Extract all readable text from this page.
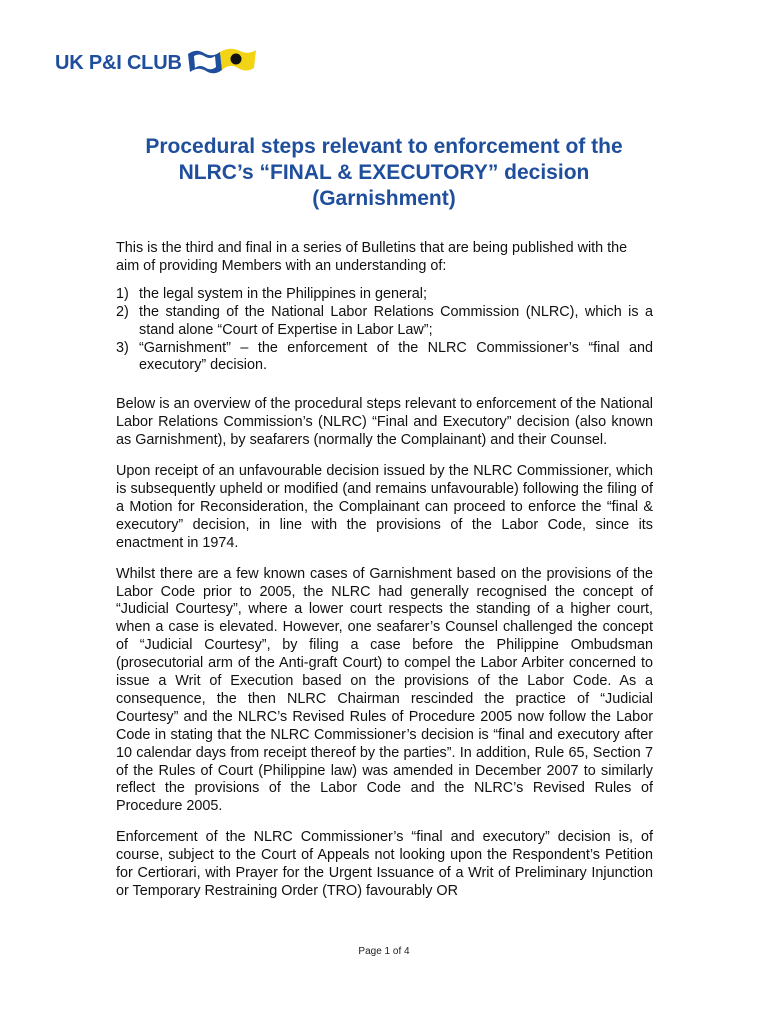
UK P&I CLUB
Procedural steps relevant to enforcement of the
NLRC’s “FINAL & EXECUTORY” decision
(Garnishment)

This is the third and final in a series of Bulletins that are being published with the aim of providing Members with an understanding of:

1) the legal system in the Philippines in general;
2) the standing of the National Labor Relations Commission (NLRC), which is a stand alone “Court of Expertise in Labor Law”;
3) “Garnishment” – the enforcement of the NLRC Commissioner’s “final and executory” decision.

Below is an overview of the procedural steps relevant to enforcement of the National Labor Relations Commission’s (NLRC) “Final and Executory” decision (also known as Garnishment), by seafarers (normally the Complainant) and their Counsel.

Upon receipt of an unfavourable decision issued by the NLRC Commissioner, which is subsequently upheld or modified (and remains unfavourable) following the filing of a Motion for Reconsideration, the Complainant can proceed to enforce the “final & executory” decision, in line with the provisions of the Labor Code, since its enactment in 1974.

Whilst there are a few known cases of Garnishment based on the provisions of the Labor Code prior to 2005, the NLRC had generally recognised the concept of “Judicial Courtesy”, where a lower court respects the standing of a higher court, when a case is elevated. However, one seafarer’s Counsel challenged the concept of “Judicial Courtesy”, by filing a case before the Philippine Ombudsman (prosecutorial arm of the Anti-graft Court) to compel the Labor Arbiter concerned to issue a Writ of Execution based on the provisions of the Labor Code. As a consequence, the then NLRC Chairman rescinded the practice of “Judicial Courtesy” and the NLRC’s Revised Rules of Procedure 2005 now follow the Labor Code in stating that the NLRC Commissioner’s decision is “final and executory after 10 calendar days from receipt thereof by the parties”. In addition, Rule 65, Section 7 of the Rules of Court (Philippine law) was amended in December 2007 to similarly reflect the provisions of the Labor Code and the NLRC’s Revised Rules of Procedure 2005.

Enforcement of the NLRC Commissioner’s “final and executory” decision is, of course, subject to the Court of Appeals not looking upon the Respondent’s Petition for Certiorari, with Prayer for the Urgent Issuance of a Writ of Preliminary Injunction or Temporary Restraining Order (TRO) favourably OR

Page 1 of 4
